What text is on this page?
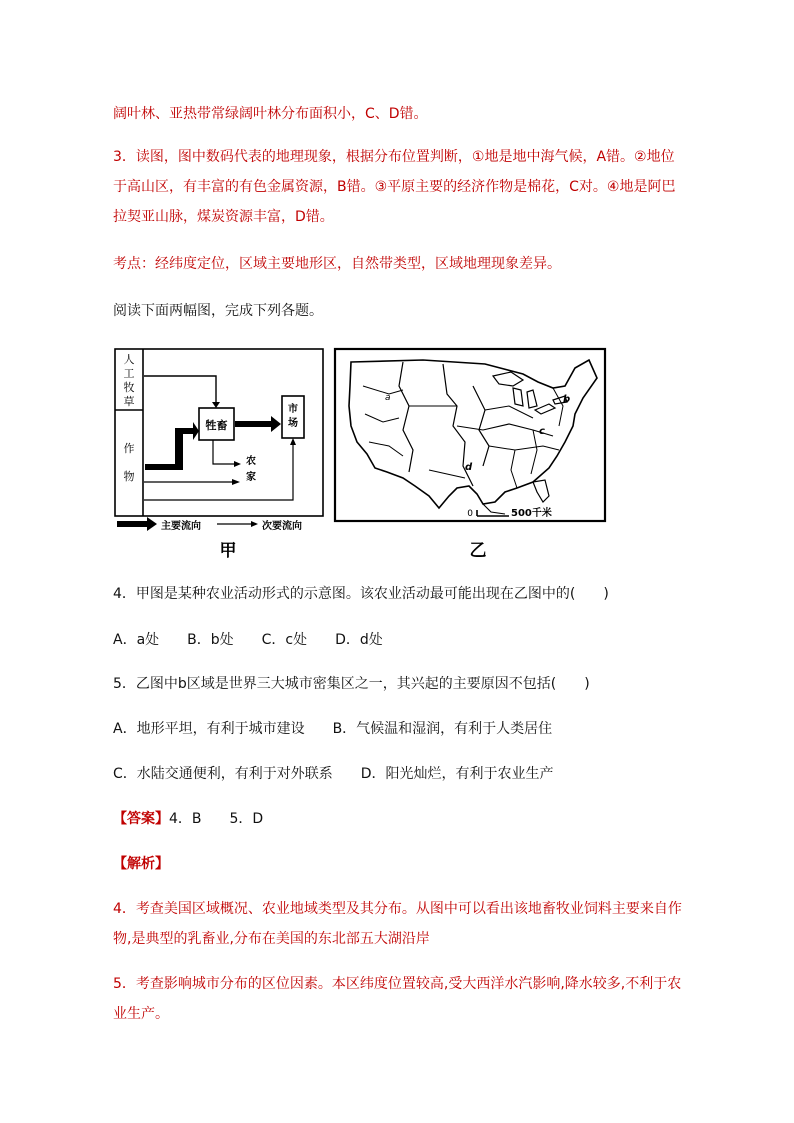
阔叶林、亚热带常绿阔叶林分布面积小，C、D错。

3．读图，图中数码代表的地理现象，根据分布位置判断，①地是地中海气候，A错。②地位

于高山区，有丰富的有色金属资源，B错。③平原主要的经济作物是棉花，C对。④地是阿巴

拉契亚山脉，煤炭资源丰富，D错。

考点：经纬度定位，区域主要地形区，自然带类型，区域地理现象差异。

阅读下面两幅图，完成下列各题。

人
工
牧
草
作
物
牲畜
市
场
农
家
主要流向	次要流向
甲
a	b
c
d
0	500千米
乙

4．甲图是某种农业活动形式的示意图。该农业活动最可能出现在乙图中的(　　)

A．a处　　B．b处　　C．c处　　D．d处

5．乙图中b区域是世界三大城市密集区之一，其兴起的主要原因不包括(　　)

A．地形平坦，有利于城市建设　　B．气候温和湿润，有利于人类居住

C．水陆交通便利，有利于对外联系　　D．阳光灿烂，有利于农业生产

【答案】4．B　　5．D

【解析】

4．考查美国区域概况、农业地域类型及其分布。从图中可以看出该地畜牧业饲料主要来自作

物,是典型的乳畜业,分布在美国的东北部五大湖沿岸

5．考查影响城市分布的区位因素。本区纬度位置较高,受大西洋水汽影响,降水较多,不利于农

业生产。
